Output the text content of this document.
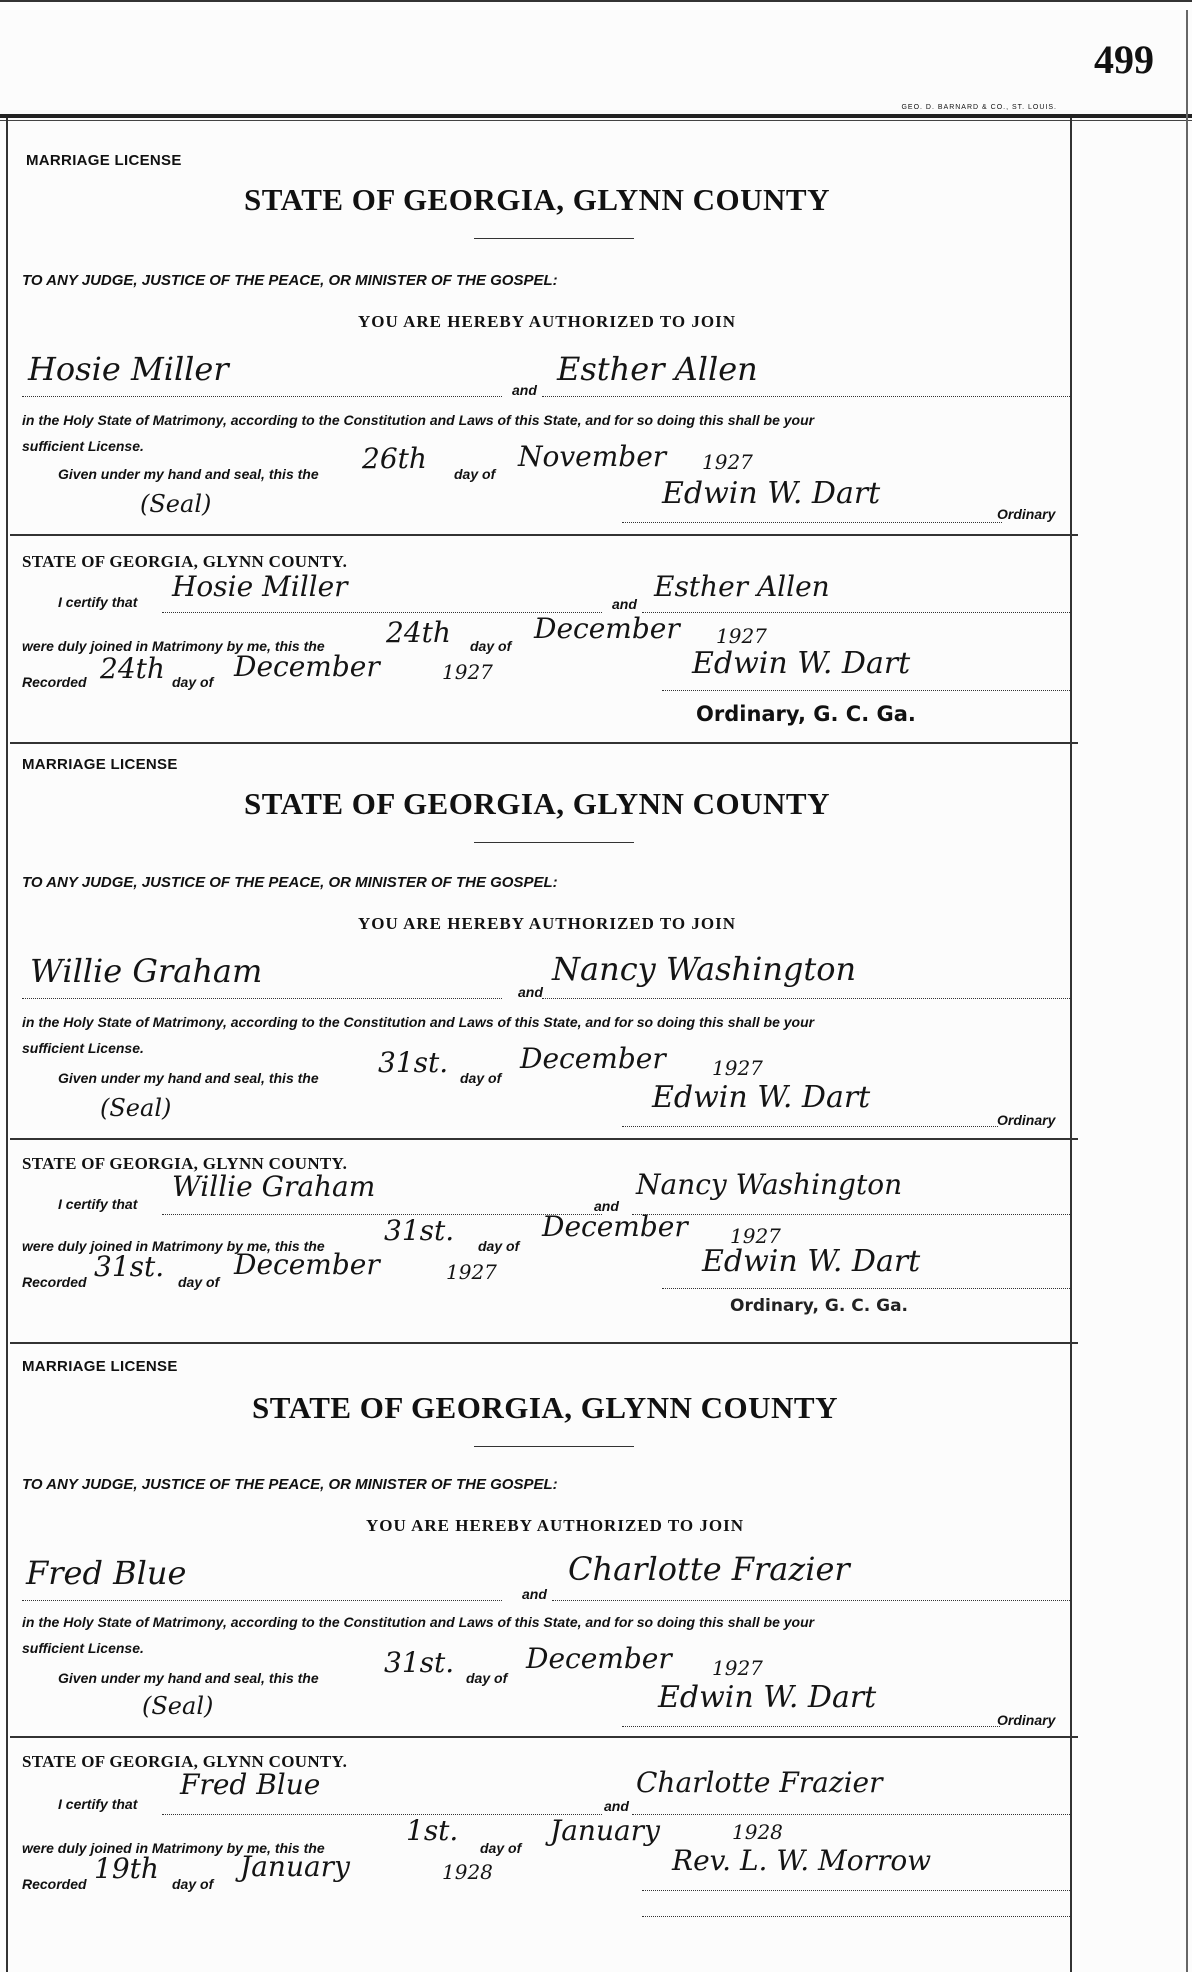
499
GEO. D. BARNARD & CO., ST. LOUIS.
MARRIAGE LICENSE
STATE OF GEORGIA, GLYNN COUNTY
TO ANY JUDGE, JUSTICE OF THE PEACE, OR MINISTER OF THE GOSPEL:
YOU ARE HEREBY AUTHORIZED TO JOIN
Hosie Miller
and
Esther Allen
in the Holy State of Matrimony, according to the Constitution and Laws of this State, and for so doing this shall be your
sufficient License.
Given under my hand and seal, this the 26th day of
November 1927
(Seal)	Edwin W. Dart
Ordinary
STATE OF GEORGIA, GLYNN COUNTY.
I certify that Hosie Miller
and
Esther Allen
were duly joined in Matrimony by me, this the 24th day of
December 1927
Recorded 24th day of December	1927	Edwin W. Dart
Ordinary, G. C. Ga.
MARRIAGE LICENSE
STATE OF GEORGIA, GLYNN COUNTY
TO ANY JUDGE, JUSTICE OF THE PEACE, OR MINISTER OF THE GOSPEL:
YOU ARE HEREBY AUTHORIZED TO JOIN
Willie Graham
and
Nancy Washington
in the Holy State of Matrimony, according to the Constitution and Laws of this State, and for so doing this shall be your
sufficient License.
Given under my hand and seal, this the 31st. day of
December 1927
(Seal)	Edwin W. Dart
Ordinary
STATE OF GEORGIA, GLYNN COUNTY.
I certify that
Willie Graham
and
Nancy Washington
were duly joined in Matrimony by me, this the 31st. day of
December 1927
Recorded 31st. day of
December	1927	Edwin W. Dart
Ordinary, G. C. Ga.
MARRIAGE LICENSE
STATE OF GEORGIA, GLYNN COUNTY
TO ANY JUDGE, JUSTICE OF THE PEACE, OR MINISTER OF THE GOSPEL:
YOU ARE HEREBY AUTHORIZED TO JOIN
Fred Blue
and
Charlotte Frazier
in the Holy State of Matrimony, according to the Constitution and Laws of this State, and for so doing this shall be your
sufficient License.
Given under my hand and seal, this the 31st. day of
December 1927
(Seal)	Edwin W. Dart
Ordinary
STATE OF GEORGIA, GLYNN COUNTY.
I certify that
Fred Blue
and
Charlotte Frazier
were duly joined in Matrimony by me, this the
1st.
day of
January	1928
Recorded 19th day of
January	1928	Rev. L. W. Morrow
